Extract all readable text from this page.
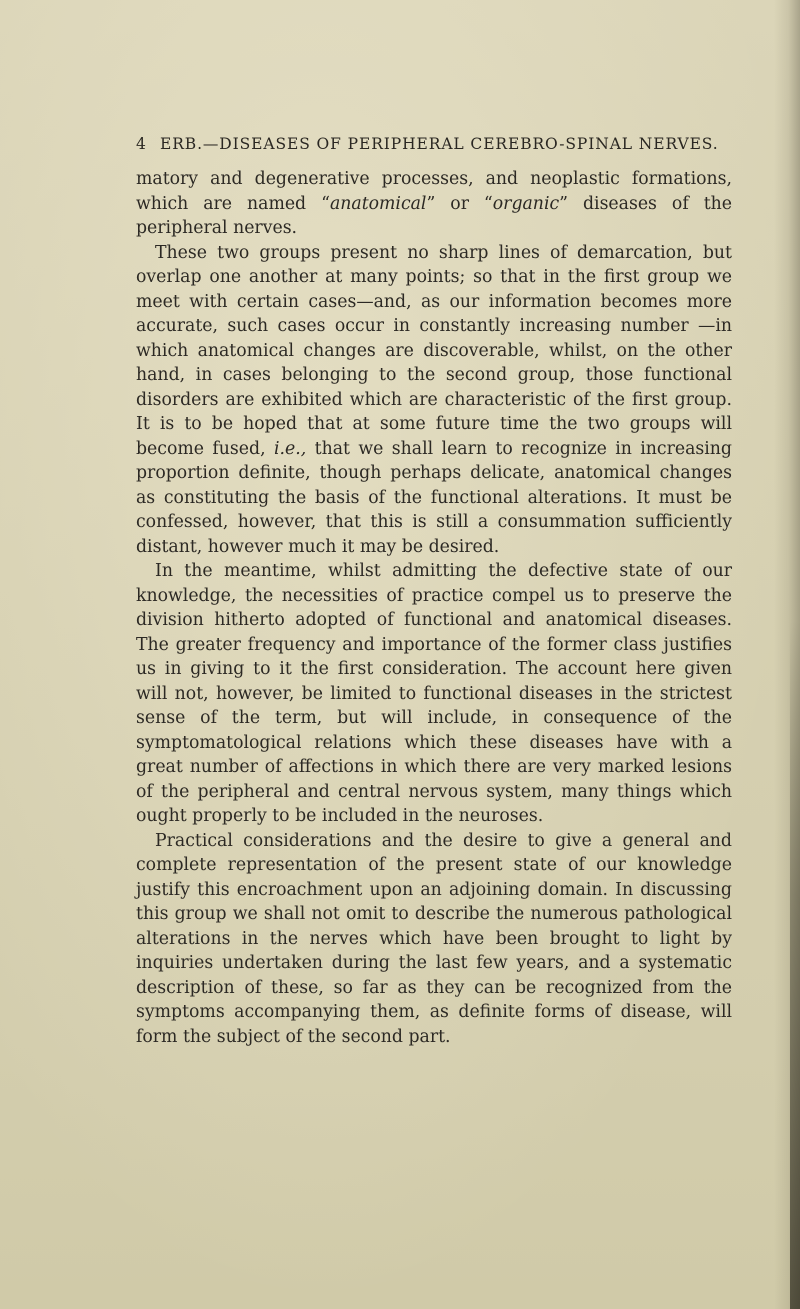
4 ERB.—DISEASES OF PERIPHERAL CEREBRO-SPINAL NERVES.

matory and degenerative processes, and neoplastic formations, which are named “anatomical” or “organic” diseases of the peripheral nerves.

These two groups present no sharp lines of demarcation, but overlap one another at many points; so that in the first group we meet with certain cases—and, as our information becomes more accurate, such cases occur in constantly increasing number —in which anatomical changes are discoverable, whilst, on the other hand, in cases belonging to the second group, those functional disorders are exhibited which are characteristic of the first group. It is to be hoped that at some future time the two groups will become fused, i.e., that we shall learn to recognize in increasing proportion definite, though perhaps delicate, anatomical changes as constituting the basis of the functional alterations. It must be confessed, however, that this is still a consummation sufficiently distant, however much it may be desired.

In the meantime, whilst admitting the defective state of our knowledge, the necessities of practice compel us to preserve the division hitherto adopted of functional and anatomical diseases. The greater frequency and importance of the former class justifies us in giving to it the first consideration. The account here given will not, however, be limited to functional diseases in the strictest sense of the term, but will include, in consequence of the symptomatological relations which these diseases have with a great number of affections in which there are very marked lesions of the peripheral and central nervous system, many things which ought properly to be included in the neuroses.

Practical considerations and the desire to give a general and complete representation of the present state of our knowledge justify this encroachment upon an adjoining domain. In discussing this group we shall not omit to describe the numerous pathological alterations in the nerves which have been brought to light by inquiries undertaken during the last few years, and a systematic description of these, so far as they can be recognized from the symptoms accompanying them, as definite forms of disease, will form the subject of the second part.
